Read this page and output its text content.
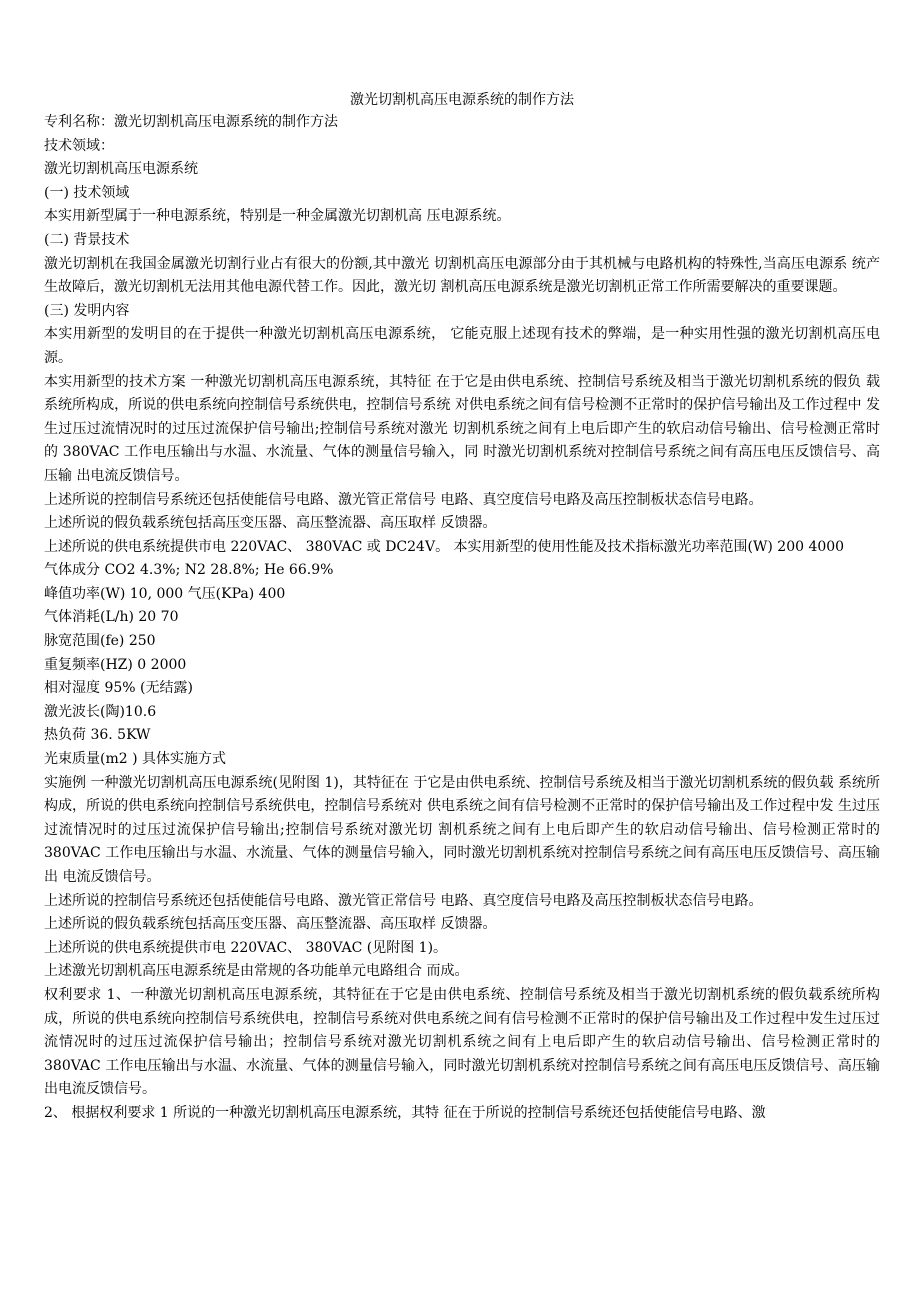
激光切割机高压电源系统的制作方法

专利名称：激光切割机高压电源系统的制作方法

技术领域：

激光切割机高压电源系统

(一) 技术领域

本实用新型属于一种电源系统，特别是一种金属激光切割机高 压电源系统。

(二) 背景技术

激光切割机在我国金属激光切割行业占有很大的份额,其中激光 切割机高压电源部分由于其机械与电路机构的特殊性,当高压电源系 统产生故障后，激光切割机无法用其他电源代替工作。因此，激光切 割机高压电源系统是激光切割机正常工作所需要解决的重要课题。

(三) 发明内容

本实用新型的发明目的在于提供一种激光切割机高压电源系统， 它能克服上述现有技术的弊端，是一种实用性强的激光切割机高压电 源。

本实用新型的技术方案 一种激光切割机高压电源系统，其特征 在于它是由供电系统、控制信号系统及相当于激光切割机系统的假负 载系统所构成，所说的供电系统向控制信号系统供电，控制信号系统 对供电系统之间有信号检测不正常时的保护信号输出及工作过程中 发生过压过流情况时的过压过流保护信号输出;控制信号系统对激光 切割机系统之间有上电后即产生的软启动信号输出、信号检测正常时 的 380VAC 工作电压输出与水温、水流量、气体的测量信号输入，同 时激光切割机系统对控制信号系统之间有高压电压反馈信号、高压输 出电流反馈信号。

上述所说的控制信号系统还包括使能信号电路、激光管正常信号 电路、真空度信号电路及高压控制板状态信号电路。

上述所说的假负载系统包括高压变压器、高压整流器、高压取样 反馈器。

上述所说的供电系统提供市电 220VAC、 380VAC 或 DC24V。 本实用新型的使用性能及技术指标激光功率范围(W) 200 4000

气体成分 CO2 4.3%; N2 28.8%; He 66.9%

峰值功率(W) 10, 000 气压(KPa) 400

气体消耗(L/h) 20 70

脉宽范围(fe) 250

重复频率(HZ) 0 2000

相对湿度 95% (无结露)

激光波长(陶)10.6

热负荷 36. 5KW

光束质量(m2 ) 具体实施方式

实施例 一种激光切割机高压电源系统(见附图 1)，其特征在 于它是由供电系统、控制信号系统及相当于激光切割机系统的假负载 系统所构成，所说的供电系统向控制信号系统供电，控制信号系统对 供电系统之间有信号检测不正常时的保护信号输出及工作过程中发 生过压过流情况时的过压过流保护信号输出;控制信号系统对激光切 割机系统之间有上电后即产生的软启动信号输出、信号检测正常时的 380VAC 工作电压输出与水温、水流量、气体的测量信号输入，同时激光切割机系统对控制信号系统之间有高压电压反馈信号、高压输出 电流反馈信号。

上述所说的控制信号系统还包括使能信号电路、激光管正常信号 电路、真空度信号电路及高压控制板状态信号电路。

上述所说的假负载系统包括高压变压器、高压整流器、高压取样 反馈器。

上述所说的供电系统提供市电 220VAC、 380VAC (见附图 1)。

上述激光切割机高压电源系统是由常规的各功能单元电路组合 而成。

权利要求 1、一种激光切割机高压电源系统，其特征在于它是由供电系统、控制信号系统及相当于激光切割机系统的假负载系统所构成，所说的供电系统向控制信号系统供电，控制信号系统对供电系统之间有信号检测不正常时的保护信号输出及工作过程中发生过压过流情况时的过压过流保护信号输出；控制信号系统对激光切割机系统之间有上电后即产生的软启动信号输出、信号检测正常时的 380VAC 工作电压输出与水温、水流量、气体的测量信号输入，同时激光切割机系统对控制信号系统之间有高压电压反馈信号、高压输出电流反馈信号。

2、 根据权利要求 1 所说的一种激光切割机高压电源系统，其特 征在于所说的控制信号系统还包括使能信号电路、激
